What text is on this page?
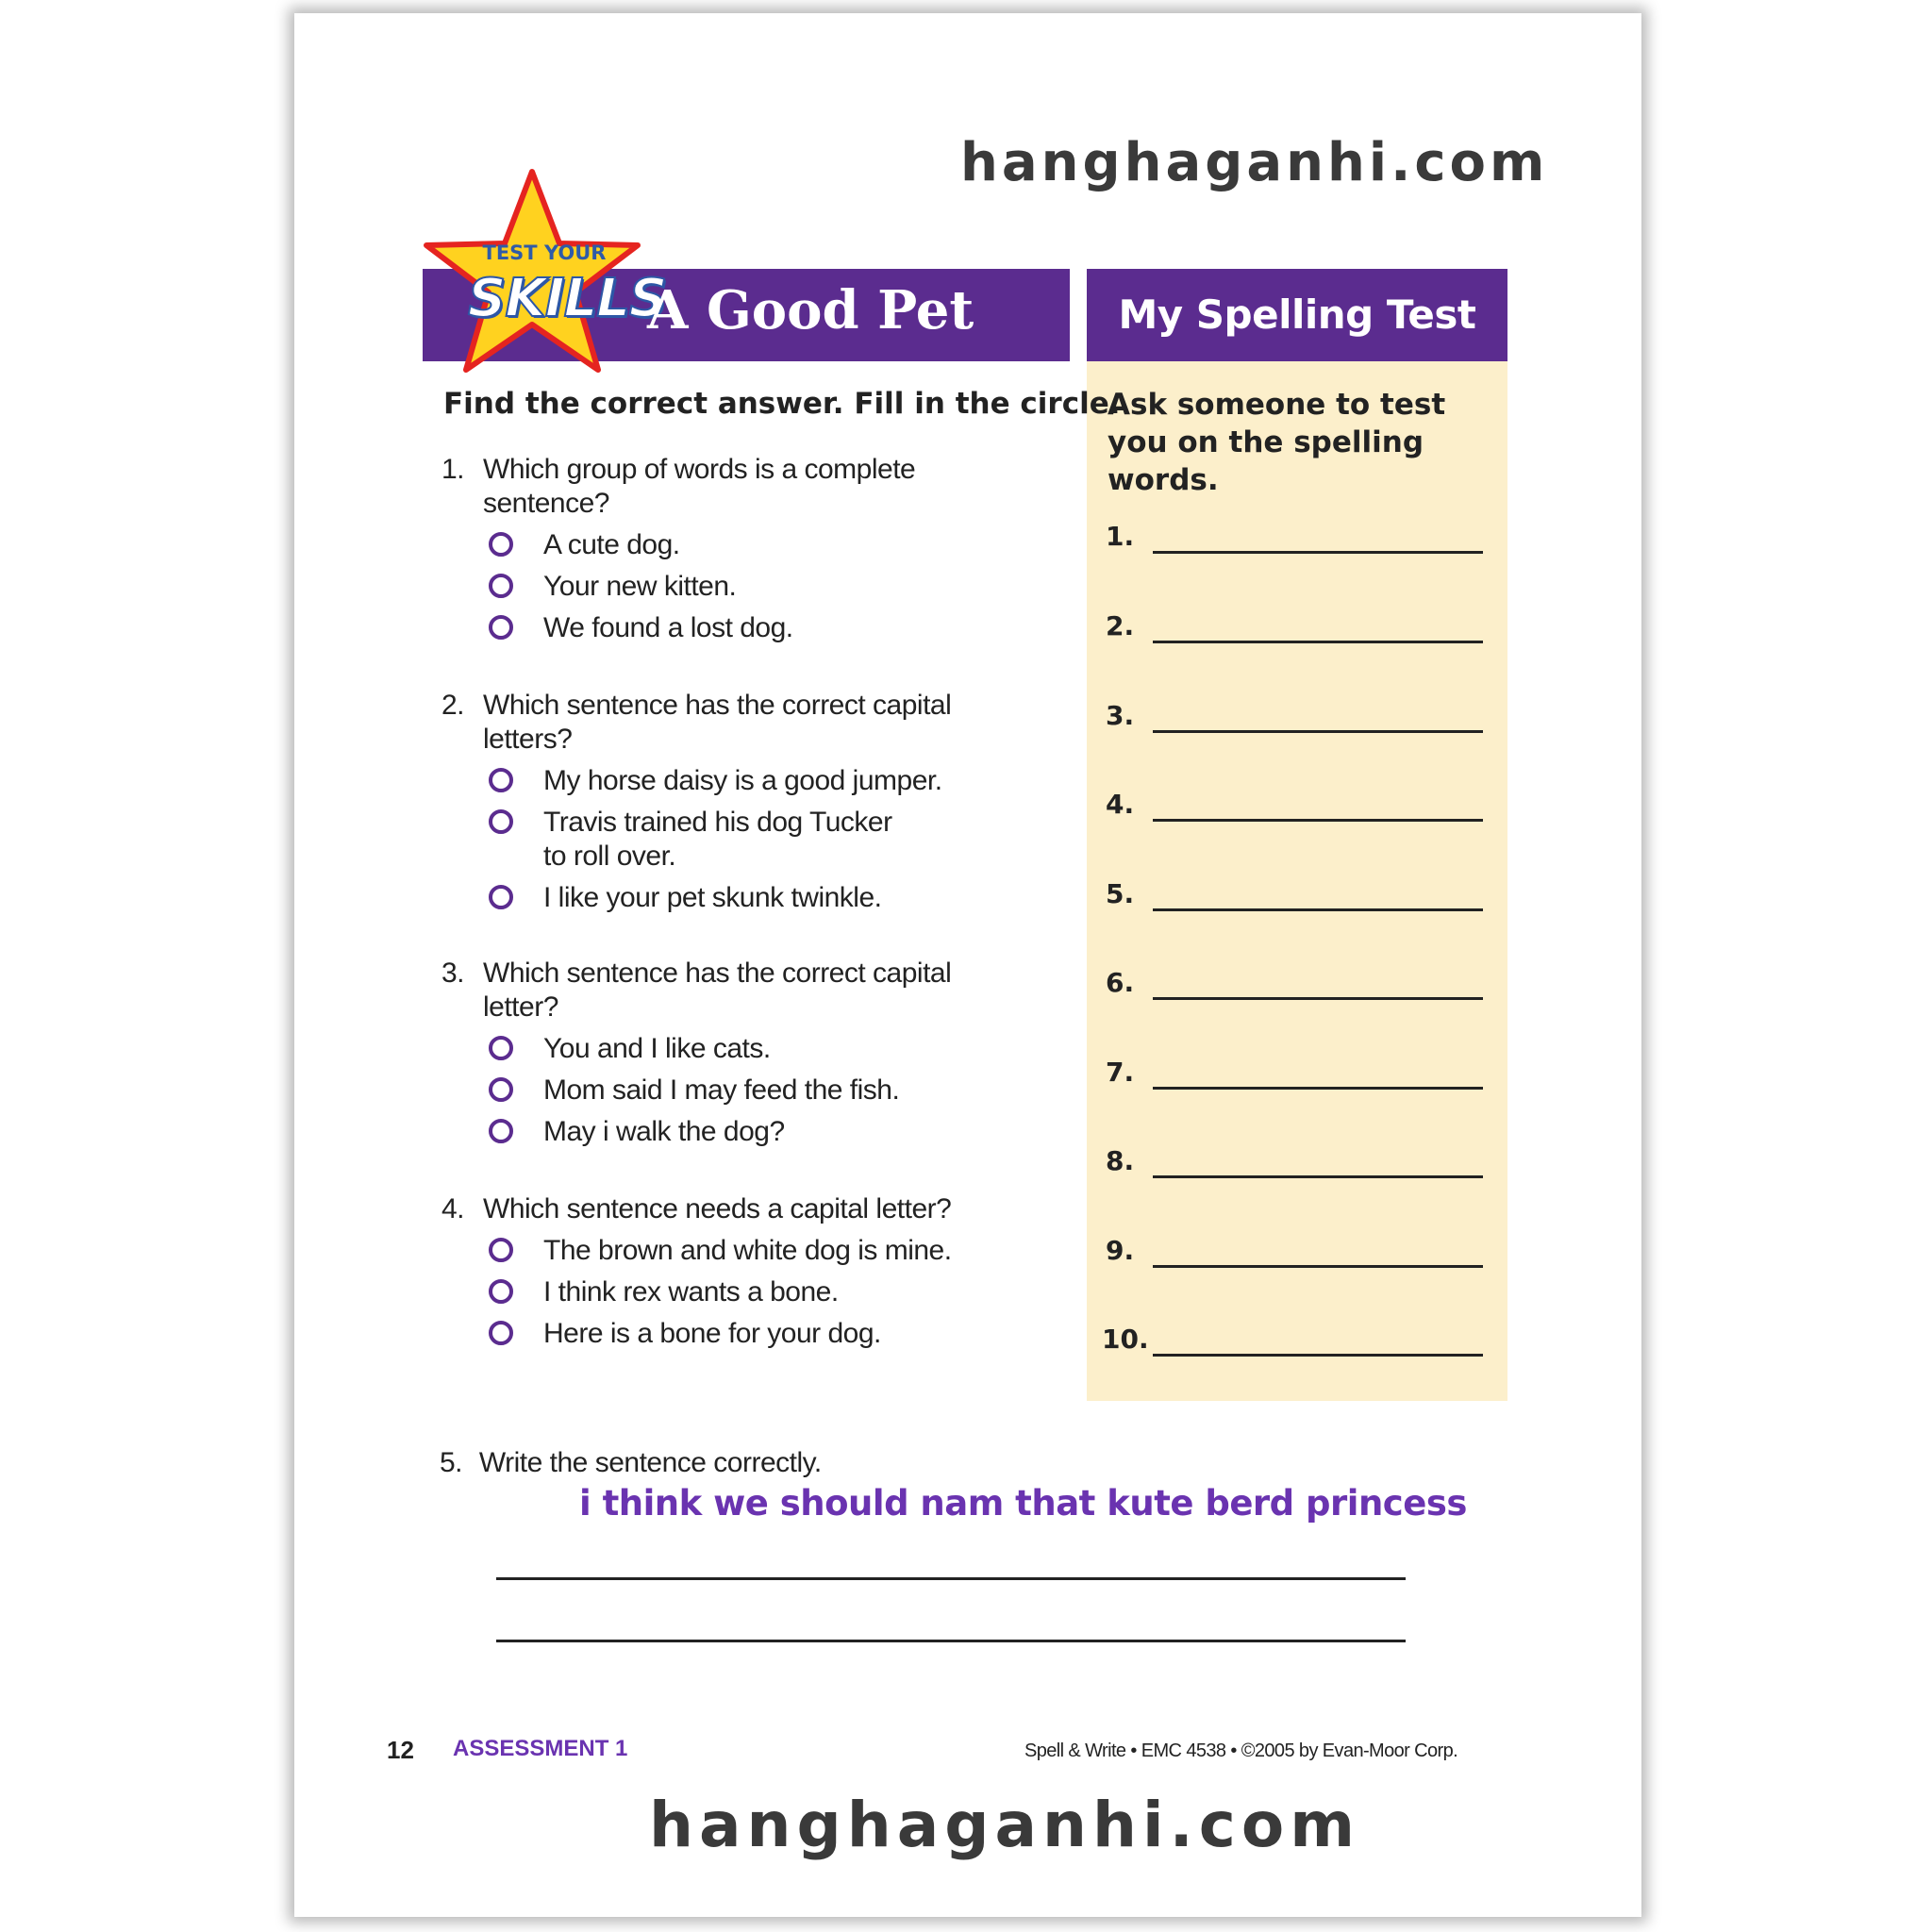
hanghaganhi.com
TEST YOUR
SKILLS
A Good Pet	My Spelling Test
Ask someone to test you on the spelling words.
1.
2.
3.
4.
5.
6.
7.
8.
9.
10.
Find the correct answer. Fill in the circle.
1. Which group of words is a complete sentence?
A cute dog.
Your new kitten.
We found a lost dog.
2. Which sentence has the correct capital letters?
My horse daisy is a good jumper.
Travis trained his dog Tucker to roll over.
I like your pet skunk twinkle.
3. Which sentence has the correct capital letter?
You and I like cats.
Mom said I may feed the fish.
May i walk the dog?
4. Which sentence needs a capital letter?
The brown and white dog is mine.
I think rex wants a bone.
Here is a bone for your dog.
5. Write the sentence correctly.
i think we should nam that kute berd princess
12 ASSESSMENT 1	Spell & Write • EMC 4538 • ©2005 by Evan-Moor Corp.
hanghaganhi.com
